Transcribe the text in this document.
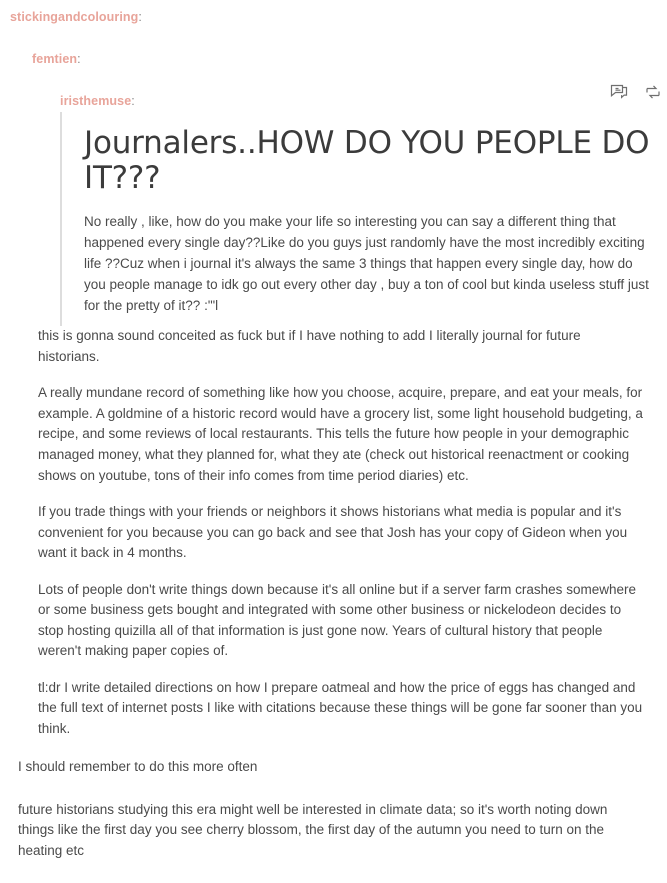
stickingandcolouring:
femtien:
iristhemuse:
Journalers..HOW DO YOU PEOPLE DO IT???

No really , like, how do you make your life so interesting you can say a different thing that happened every single day??Like do you guys just randomly have the most incredibly exciting life ??Cuz when i journal it's always the same 3 things that happen every single day, how do you people manage to idk go out every other day , buy a ton of cool but kinda useless stuff just for the pretty of it?? :"'l

this is gonna sound conceited as fuck but if I have nothing to add I literally journal for future historians.

A really mundane record of something like how you choose, acquire, prepare, and eat your meals, for example. A goldmine of a historic record would have a grocery list, some light household budgeting, a recipe, and some reviews of local restaurants. This tells the future how people in your demographic managed money, what they planned for, what they ate (check out historical reenactment or cooking shows on youtube, tons of their info comes from time period diaries) etc.

If you trade things with your friends or neighbors it shows historians what media is popular and it's convenient for you because you can go back and see that Josh has your copy of Gideon when you want it back in 4 months.

Lots of people don't write things down because it's all online but if a server farm crashes somewhere or some business gets bought and integrated with some other business or nickelodeon decides to stop hosting quizilla all of that information is just gone now. Years of cultural history that people weren't making paper copies of.

tl:dr I write detailed directions on how I prepare oatmeal and how the price of eggs has changed and the full text of internet posts I like with citations because these things will be gone far sooner than you think.

I should remember to do this more often

future historians studying this era might well be interested in climate data; so it's worth noting down things like the first day you see cherry blossom, the first day of the autumn you need to turn on the heating etc
